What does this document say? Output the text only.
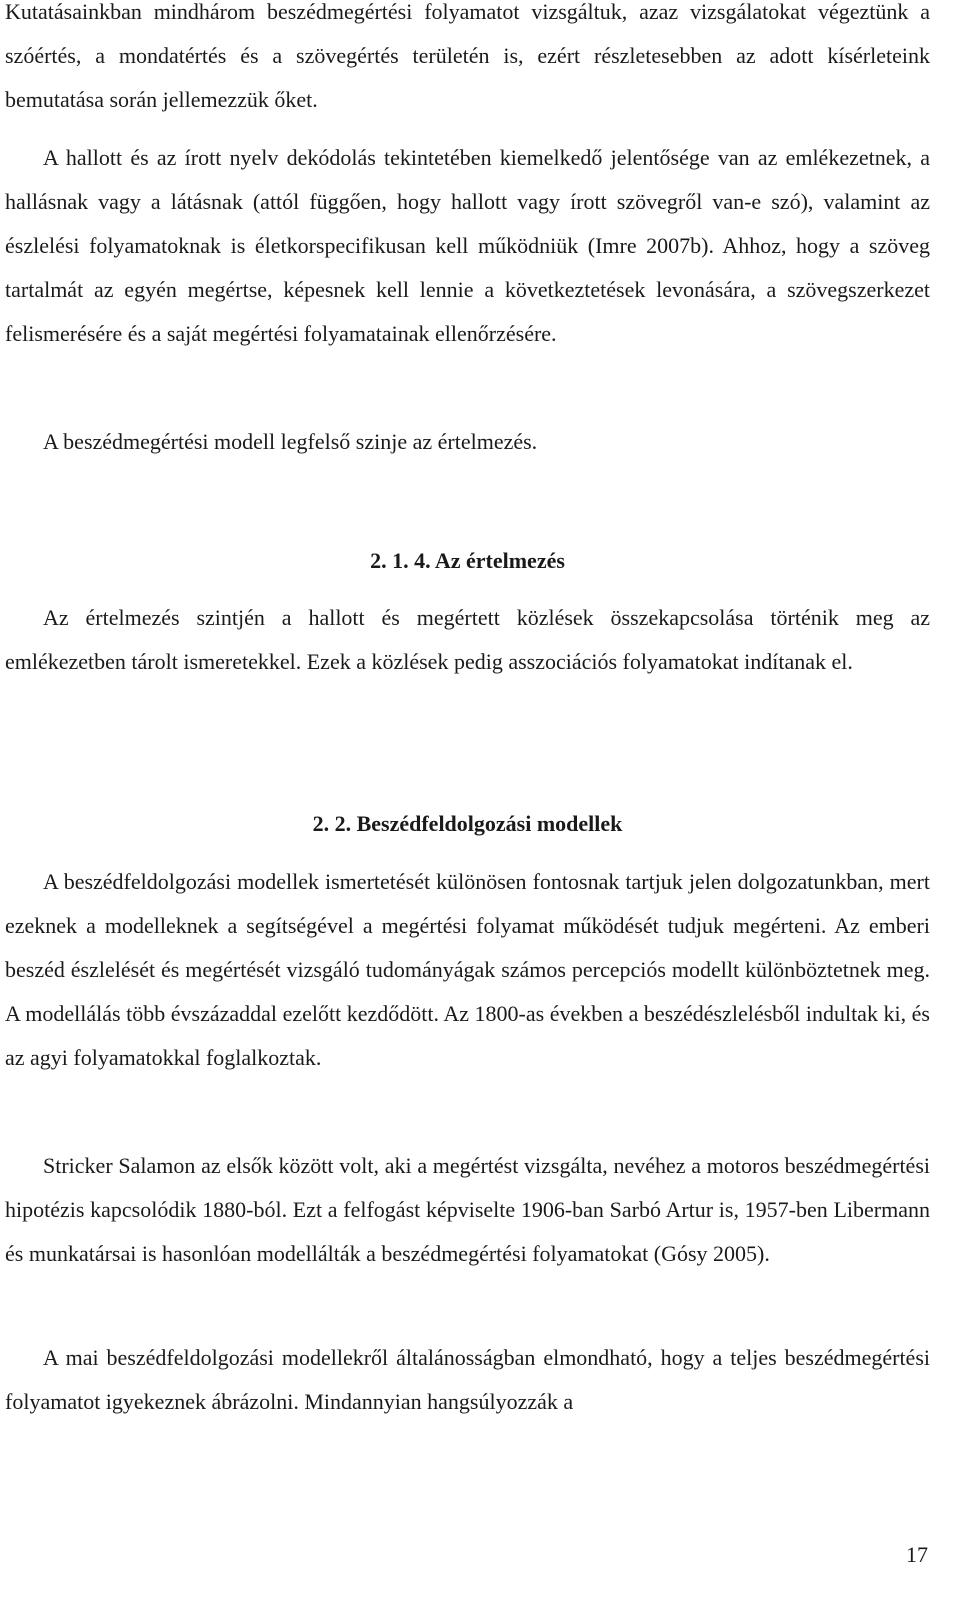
Kutatásainkban mindhárom beszédmegértési folyamatot vizsgáltuk, azaz vizsgálatokat végeztünk a szóértés, a mondatértés és a szövegértés területén is, ezért részletesebben az adott kísérleteink bemutatása során jellemezzük őket.

A hallott és az írott nyelv dekódolás tekintetében kiemelkedő jelentősége van az emlékezetnek, a hallásnak vagy a látásnak (attól függően, hogy hallott vagy írott szövegről van-e szó), valamint az észlelési folyamatoknak is életkorspecifikusan kell működniük (Imre 2007b). Ahhoz, hogy a szöveg tartalmát az egyén megértse, képesnek kell lennie a következtetések levonására, a szövegszerkezet felismerésére és a saját megértési folyamatainak ellenőrzésére.

A beszédmegértési modell legfelső szinje az értelmezés.

2. 1. 4. Az értelmezés

Az értelmezés szintjén a hallott és megértett közlések összekapcsolása történik meg az emlékezetben tárolt ismeretekkel. Ezek a közlések pedig asszociációs folyamatokat indítanak el.

2. 2. Beszédfeldolgozási modellek

A beszédfeldolgozási modellek ismertetését különösen fontosnak tartjuk jelen dolgozatunkban, mert ezeknek a modelleknek a segítségével a megértési folyamat működését tudjuk megérteni. Az emberi beszéd észlelését és megértését vizsgáló tudományágak számos percepciós modellt különböztetnek meg. A modellálás több évszázaddal ezelőtt kezdődött. Az 1800-as években a beszédészlelésből indultak ki, és az agyi folyamatokkal foglalkoztak.

Stricker Salamon az elsők között volt, aki a megértést vizsgálta, nevéhez a motoros beszédmegértési hipotézis kapcsolódik 1880-ból. Ezt a felfogást képviselte 1906-ban Sarbó Artur is, 1957-ben Libermann és munkatársai is hasonlóan modellálták a beszédmegértési folyamatokat (Gósy 2005).

A mai beszédfeldolgozási modellekről általánosságban elmondható, hogy a teljes beszédmegértési folyamatot igyekeznek ábrázolni. Mindannyian hangsúlyozzák a

17
